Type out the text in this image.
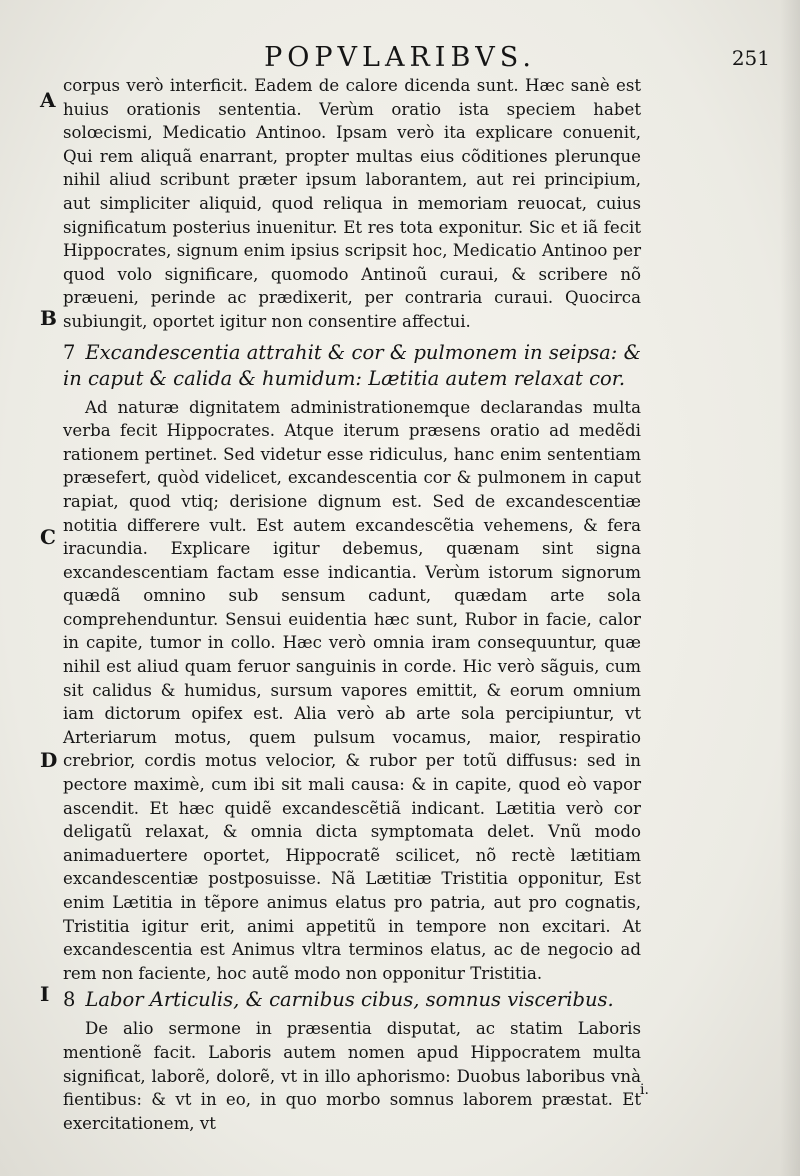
POPVLARIBVS.	251
A
B
C
D
I

corpus verò interficit. Eadem de calore dicenda sunt. Hæc sanè est huius orationis sententia. Verùm oratio ista speciem habet solœcismi, Medicatio Antinoo. Ipsam verò ita explicare conuenit, Qui rem aliquã enarrant, propter multas eius cõditiones plerunque nihil aliud scribunt præter ipsum laborantem, aut rei principium, aut simpliciter aliquid, quod reliqua in memoriam reuocat, cuius significatum posterius inuenitur. Et res tota exponitur. Sic et iã fecit Hippocrates, signum enim ipsius scripsit hoc, Medicatio Antinoo per quod volo significare, quomodo Antinoũ curaui, & scribere nõ præueni, perinde ac prædixerit, per contraria curaui. Quocirca subiungit, oportet igitur non consentire affectui.

7 Excandescentia attrahit & cor & pulmonem in seipsa: & in caput & calida & humidum: Lætitia autem relaxat cor.

Ad naturæ dignitatem administrationemque declarandas multa verba fecit Hippocrates. Atque iterum præsens oratio ad medẽdi rationem pertinet. Sed videtur esse ridiculus, hanc enim sententiam præsefert, quòd videlicet, excandescentia cor & pulmonem in caput rapiat, quod vtiq; derisione dignum est. Sed de excandescentiæ notitia differere vult. Est autem excandescẽtia vehemens, & fera iracundia. Explicare igitur debemus, quænam sint signa excandescentiam factam esse indicantia. Verùm istorum signorum quædã omnino sub sensum cadunt, quædam arte sola comprehenduntur. Sensui euidentia hæc sunt, Rubor in facie, calor in capite, tumor in collo. Hæc verò omnia iram consequuntur, quæ nihil est aliud quam feruor sanguinis in corde. Hic verò sãguis, cum sit calidus & humidus, sursum vapores emittit, & eorum omnium iam dictorum opifex est. Alia verò ab arte sola percipiuntur, vt Arteriarum motus, quem pulsum vocamus, maior, respiratio crebrior, cordis motus velocior, & rubor per totũ diffusus: sed in pectore maximè, cum ibi sit mali causa: & in capite, quod eò vapor ascendit. Et hæc quidẽ excandescẽtiã indicant. Lætitia verò cor deligatũ relaxat, & omnia dicta symptomata delet. Vnũ modo animaduertere oportet, Hippocratẽ scilicet, nõ rectè lætitiam excandescentiæ postposuisse. Nã Lætitiæ Tristitia opponitur, Est enim Lætitia in tẽpore animus elatus pro patria, aut pro cognatis, Tristitia igitur erit, animi appetitũ in tempore non excitari. At excandescentia est Animus vltra terminos elatus, ac de negocio ad rem non faciente, hoc autẽ modo non opponitur Tristitia.

8 Labor Articulis, & carnibus cibus, somnus visceribus.

De alio sermone in præsentia disputat, ac statim Laboris mentionẽ facit. Laboris autem nomen apud Hippocratem multa significat, laborẽ, dolorẽ, vt in illo aphorismo: Duobus laboribus vnà fientibus: & vt in eo, in quo morbo somnus laborem præstat. Et exercitationem, vt

i.
